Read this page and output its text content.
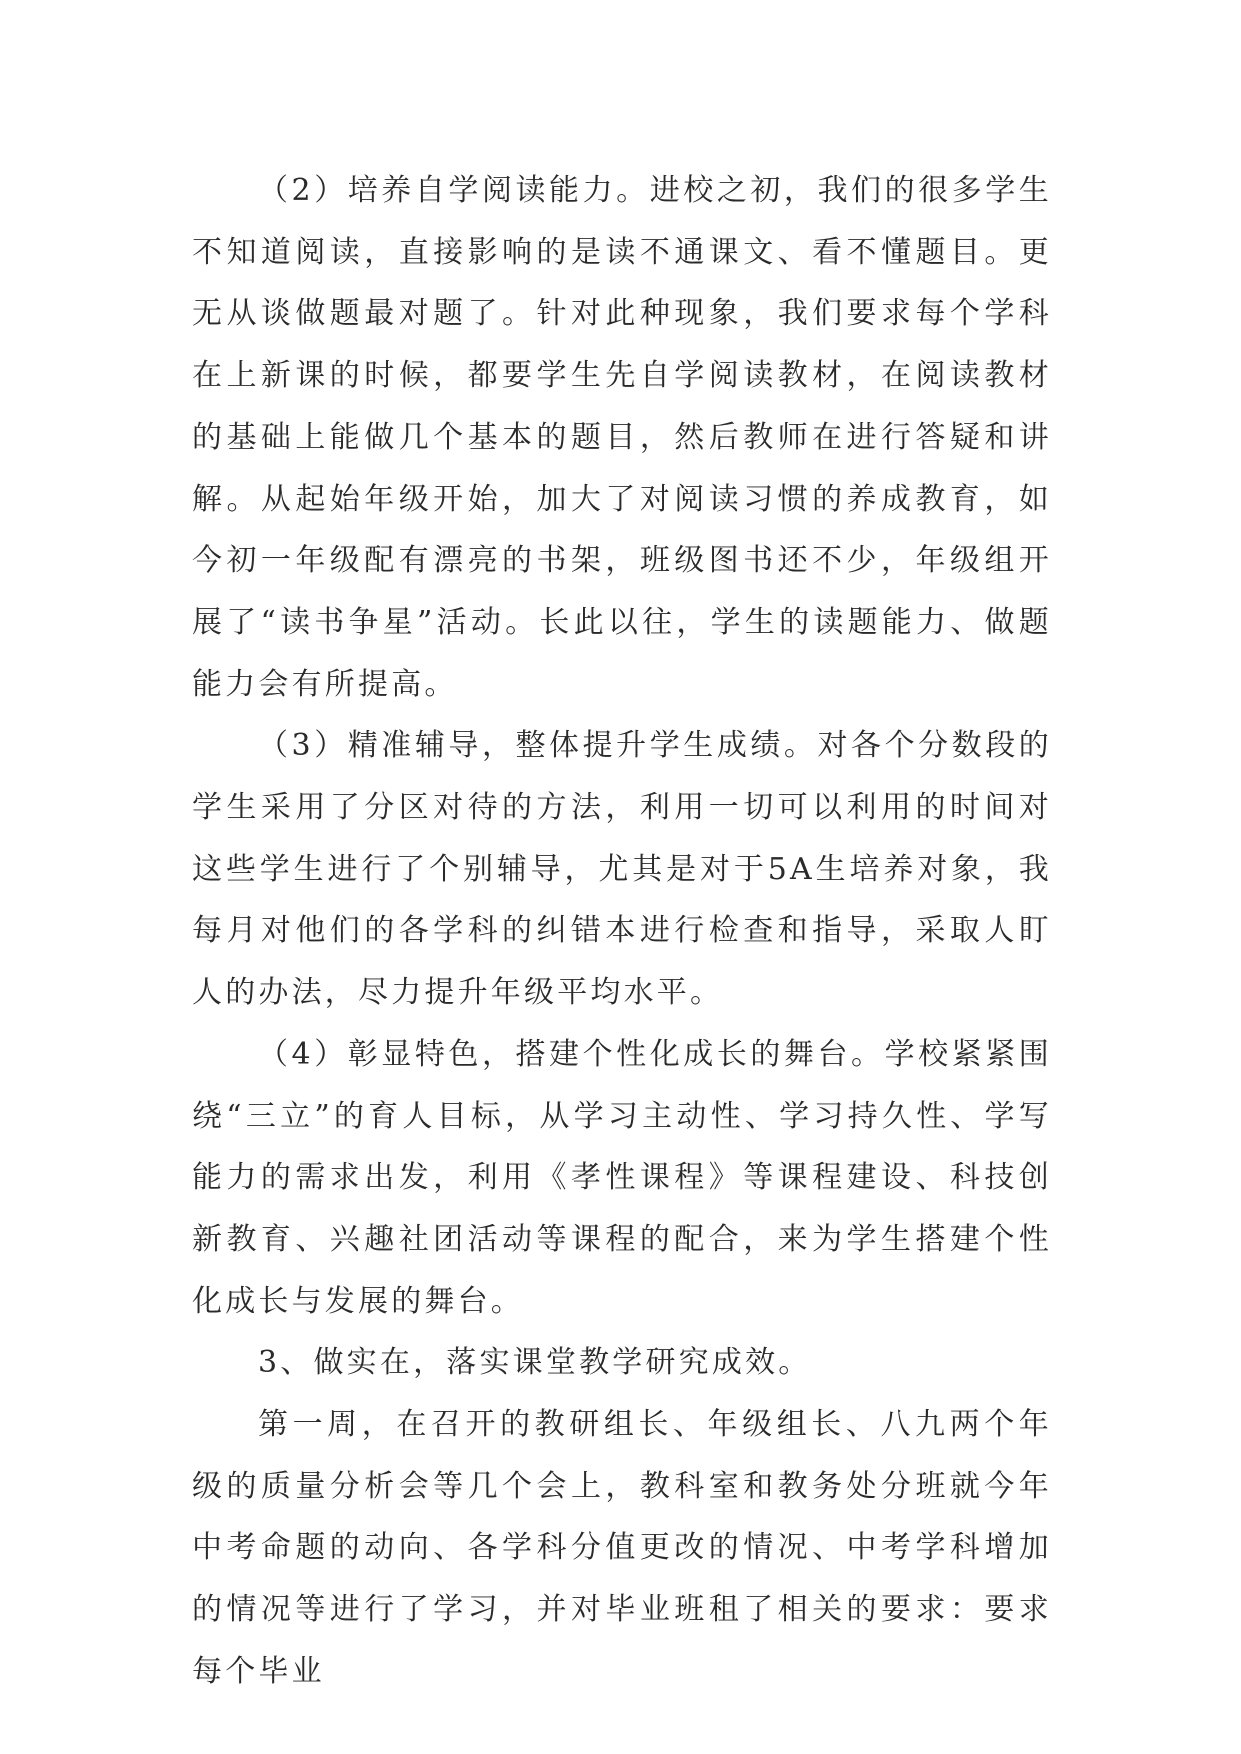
（2）培养自学阅读能力。进校之初，我们的很多学生不知道阅读，直接影响的是读不通课文、看不懂题目。更无从谈做题最对题了。针对此种现象，我们要求每个学科在上新课的时候，都要学生先自学阅读教材，在阅读教材的基础上能做几个基本的题目，然后教师在进行答疑和讲解。从起始年级开始，加大了对阅读习惯的养成教育，如今初一年级配有漂亮的书架，班级图书还不少，年级组开展了“读书争星”活动。长此以往，学生的读题能力、做题能力会有所提高。

（3）精准辅导，整体提升学生成绩。对各个分数段的学生采用了分区对待的方法，利用一切可以利用的时间对这些学生进行了个别辅导，尤其是对于5A生培养对象，我每月对他们的各学科的纠错本进行检查和指导，采取人盯人的办法，尽力提升年级平均水平。

（4）彰显特色，搭建个性化成长的舞台。学校紧紧围绕“三立”的育人目标，从学习主动性、学习持久性、学写能力的需求出发，利用《孝性课程》等课程建设、科技创新教育、兴趣社团活动等课程的配合，来为学生搭建个性化成长与发展的舞台。

3、做实在，落实课堂教学研究成效。

第一周，在召开的教研组长、年级组长、八九两个年级的质量分析会等几个会上，教科室和教务处分班就今年中考命题的动向、各学科分值更改的情况、中考学科增加的情况等进行了学习，并对毕业班租了相关的要求：要求每个毕业
